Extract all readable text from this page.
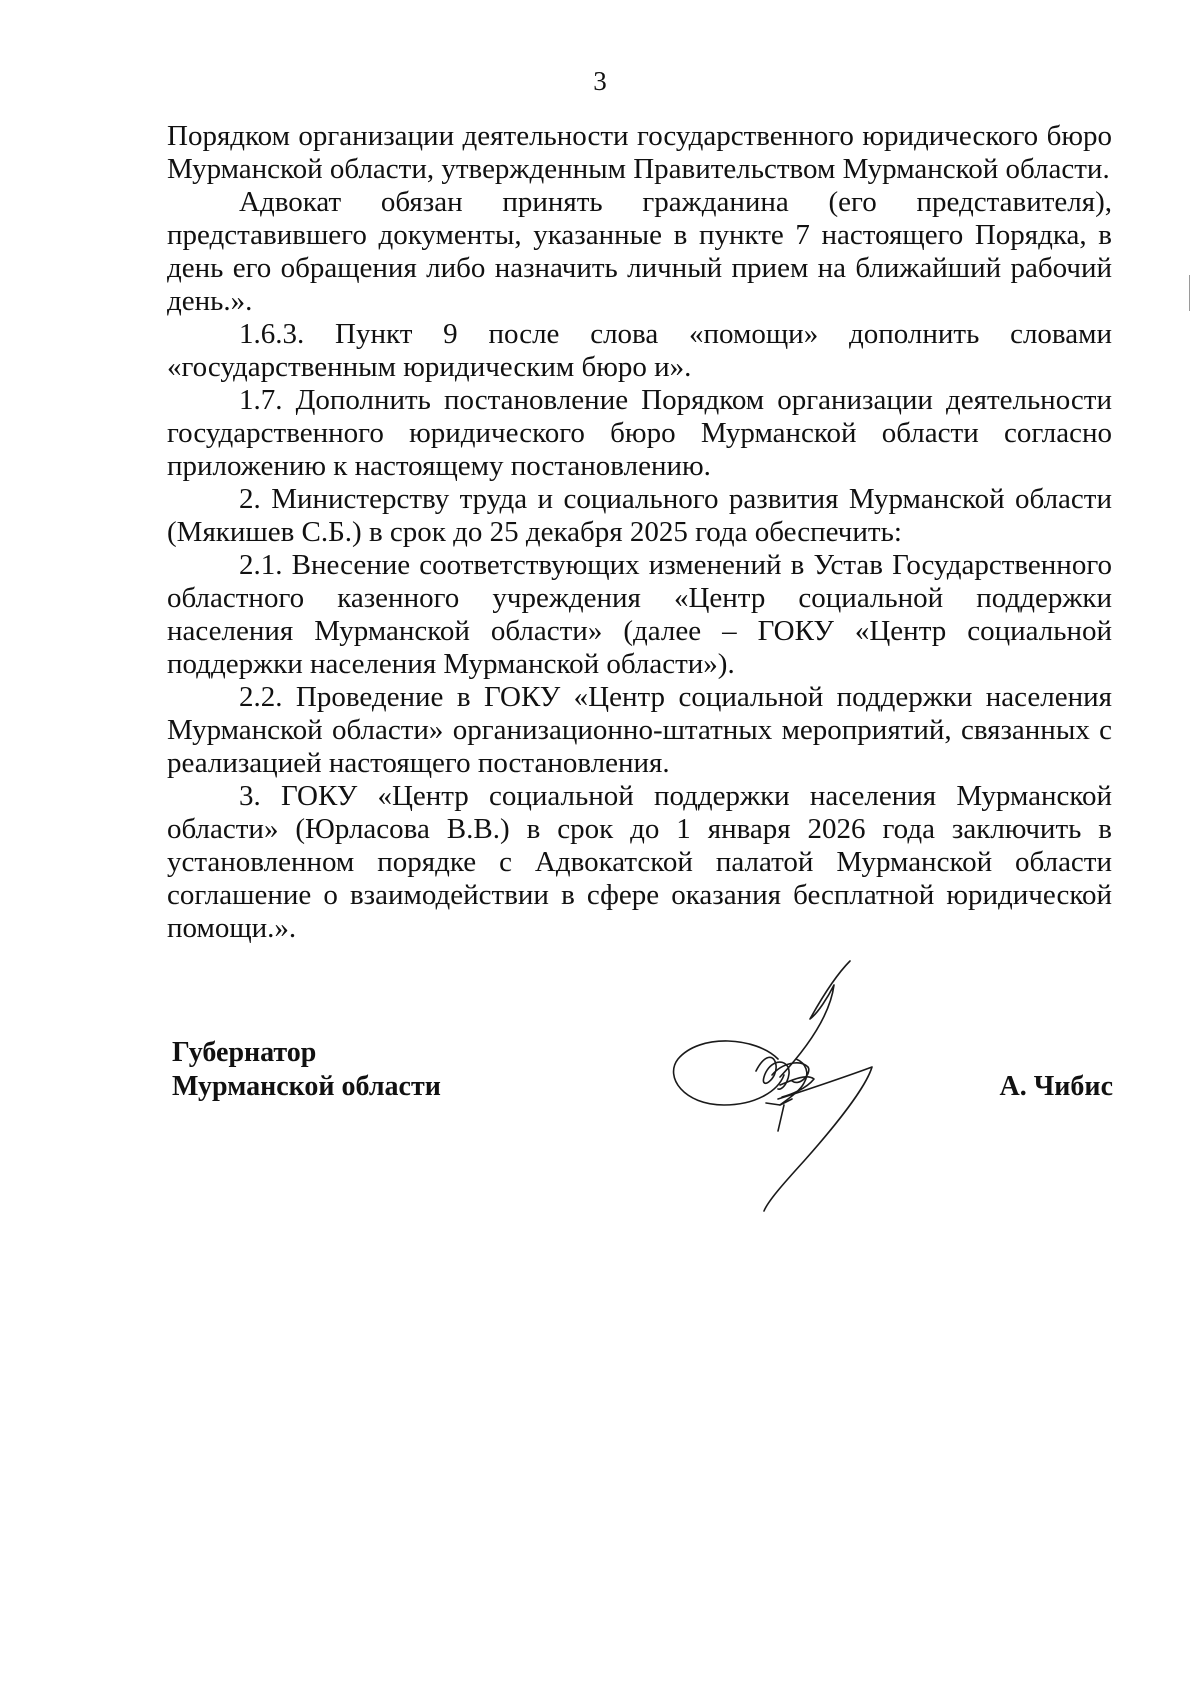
3

Порядком организации деятельности государственного юридического бюро Мурманской области, утвержденным Правительством Мурманской области.

Адвокат обязан принять гражданина (его представителя), представившего документы, указанные в пункте 7 настоящего Порядка, в день его обращения либо назначить личный прием на ближайший рабочий день.».

1.6.3. Пункт 9 после слова «помощи» дополнить словами «государственным юридическим бюро и».

1.7. Дополнить постановление Порядком организации деятельности государственного юридического бюро Мурманской области согласно приложению к настоящему постановлению.

2. Министерству труда и социального развития Мурманской области (Мякишев С.Б.) в срок до 25 декабря 2025 года обеспечить:

2.1. Внесение соответствующих изменений в Устав Государственного областного казенного учреждения «Центр социальной поддержки населения Мурманской области» (далее – ГОКУ «Центр социальной поддержки населения Мурманской области»).

2.2. Проведение в ГОКУ «Центр социальной поддержки населения Мурманской области» организационно-штатных мероприятий, связанных с реализацией настоящего постановления.

3. ГОКУ «Центр социальной поддержки населения Мурманской области» (Юрласова В.В.) в срок до 1 января 2026 года заключить в установленном порядке с Адвокатской палатой Мурманской области соглашение о взаимодействии в сфере оказания бесплатной юридической помощи.».

Губернатор
Мурманской области	А. Чибис
